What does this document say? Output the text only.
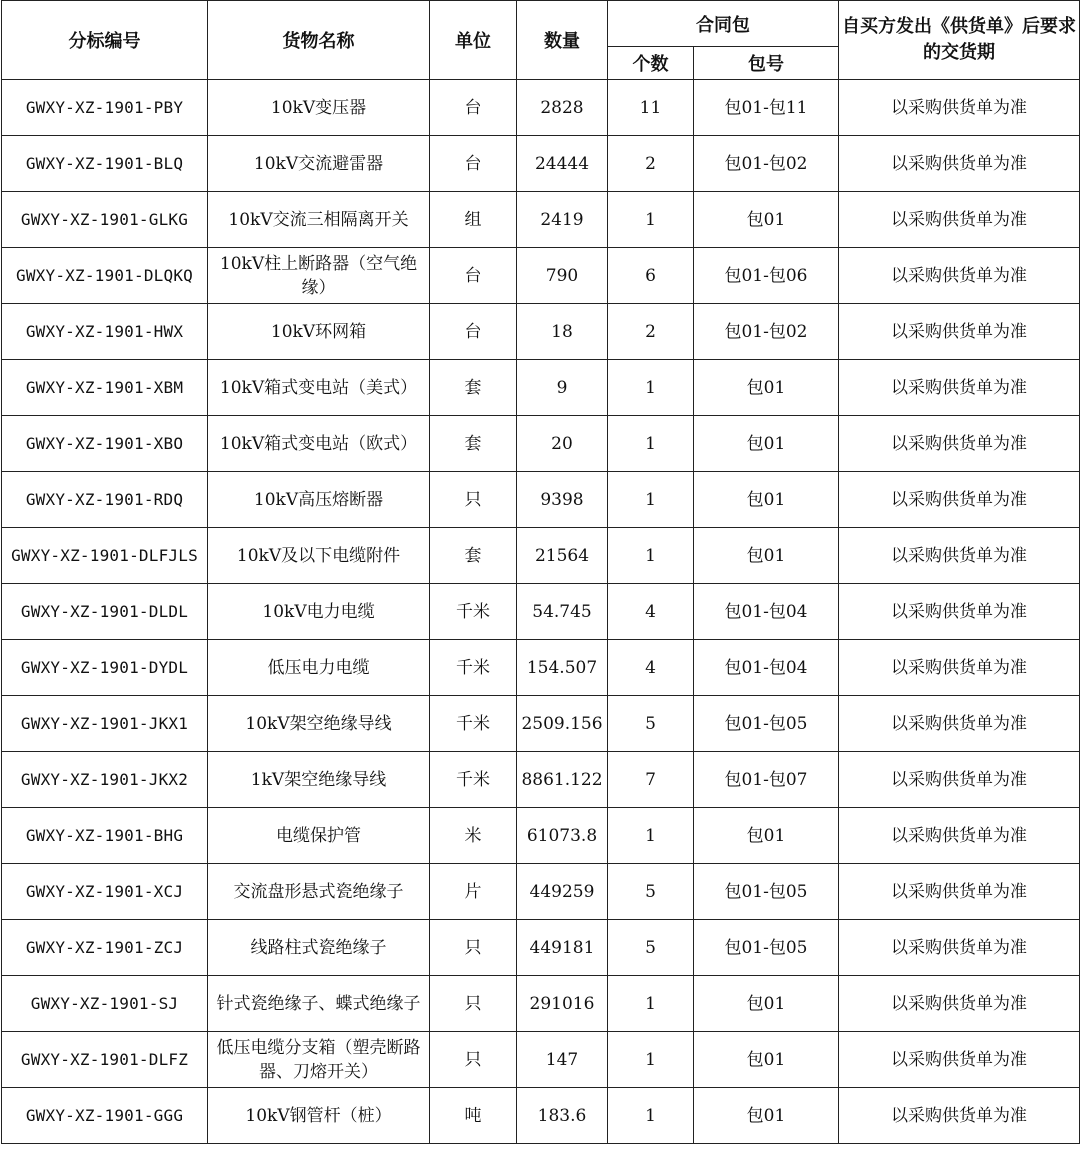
分标编号	货物名称	单位	数量	合同包		自买方发出《供货单》后要求的交货期
				个数	包号	
GWXY-XZ-1901-PBY	10kV变压器	台	2828	11	包01-包11	以采购供货单为准
GWXY-XZ-1901-BLQ	10kV交流避雷器	台	24444	2	包01-包02	以采购供货单为准
GWXY-XZ-1901-GLKG	10kV交流三相隔离开关	组	2419	1	包01	以采购供货单为准
GWXY-XZ-1901-DLQKQ	10kV柱上断路器（空气绝缘）	台	790	6	包01-包06	以采购供货单为准
GWXY-XZ-1901-HWX	10kV环网箱	台	18	2	包01-包02	以采购供货单为准
GWXY-XZ-1901-XBM	10kV箱式变电站（美式）	套	9	1	包01	以采购供货单为准
GWXY-XZ-1901-XBO	10kV箱式变电站（欧式）	套	20	1	包01	以采购供货单为准
GWXY-XZ-1901-RDQ	10kV高压熔断器	只	9398	1	包01	以采购供货单为准
GWXY-XZ-1901-DLFJLS	10kV及以下电缆附件	套	21564	1	包01	以采购供货单为准
GWXY-XZ-1901-DLDL	10kV电力电缆	千米	54.745	4	包01-包04	以采购供货单为准
GWXY-XZ-1901-DYDL	低压电力电缆	千米	154.507	4	包01-包04	以采购供货单为准
GWXY-XZ-1901-JKX1	10kV架空绝缘导线	千米	2509.156	5	包01-包05	以采购供货单为准
GWXY-XZ-1901-JKX2	1kV架空绝缘导线	千米	8861.122	7	包01-包07	以采购供货单为准
GWXY-XZ-1901-BHG	电缆保护管	米	61073.8	1	包01	以采购供货单为准
GWXY-XZ-1901-XCJ	交流盘形悬式瓷绝缘子	片	449259	5	包01-包05	以采购供货单为准
GWXY-XZ-1901-ZCJ	线路柱式瓷绝缘子	只	449181	5	包01-包05	以采购供货单为准
GWXY-XZ-1901-SJ	针式瓷绝缘子、蝶式绝缘子	只	291016	1	包01	以采购供货单为准
GWXY-XZ-1901-DLFZ	低压电缆分支箱（塑壳断路器、刀熔开关）	只	147	1	包01	以采购供货单为准
GWXY-XZ-1901-GGG	10kV钢管杆（桩）	吨	183.6	1	包01	以采购供货单为准
